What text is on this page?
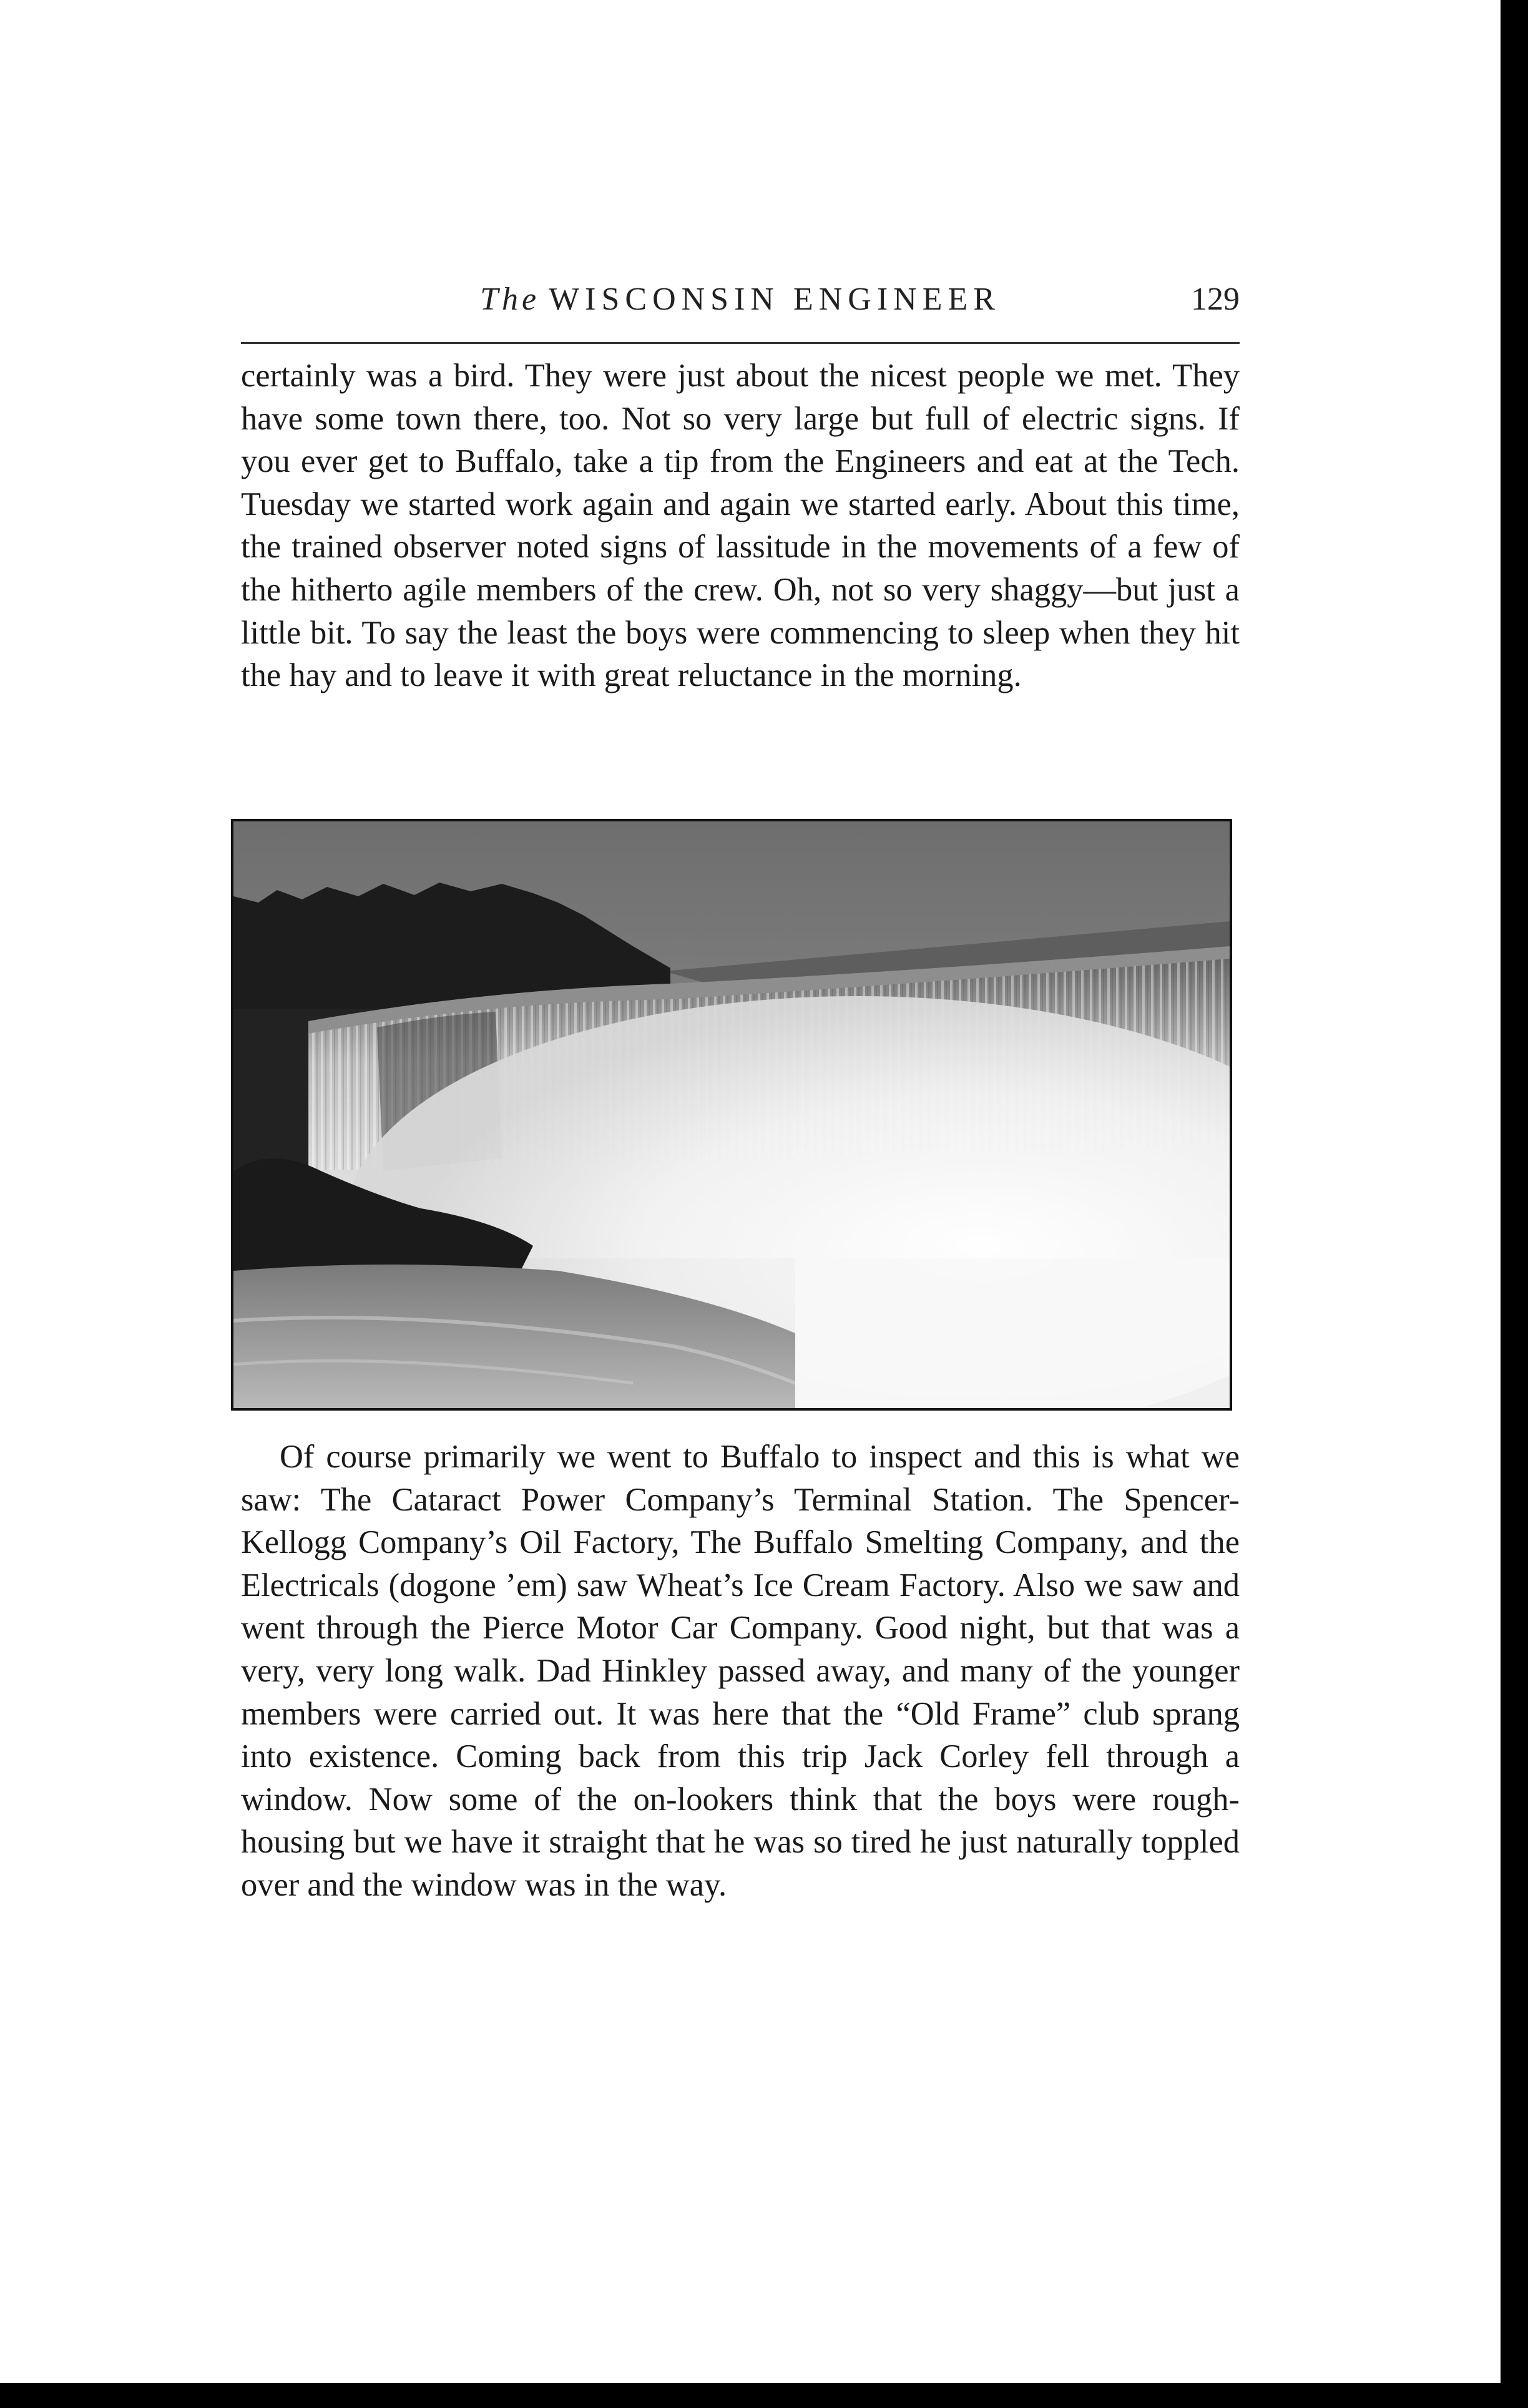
The WISCONSIN ENGINEER	129

certainly was a bird. They were just about the nicest people we met. They have some town there, too. Not so very large but full of electric signs. If you ever get to Buffalo, take a tip from the Engineers and eat at the Tech. Tuesday we started work again and again we started early. About this time, the trained observer noted signs of lassitude in the movements of a few of the hitherto agile members of the crew. Oh, not so very shaggy—but just a little bit. To say the least the boys were commencing to sleep when they hit the hay and to leave it with great reluctance in the morning.

Of course primarily we went to Buffalo to inspect and this is what we saw: The Cataract Power Company’s Terminal Station. The Spencer-Kellogg Company’s Oil Factory, The Buffalo Smelting Company, and the Electricals (dogone ’em) saw Wheat’s Ice Cream Factory. Also we saw and went through the Pierce Motor Car Company. Good night, but that was a very, very long walk. Dad Hinkley passed away, and many of the younger members were carried out. It was here that the “Old Frame” club sprang into existence. Coming back from this trip Jack Corley fell through a window. Now some of the on-lookers think that the boys were rough-housing but we have it straight that he was so tired he just naturally toppled over and the window was in the way.
